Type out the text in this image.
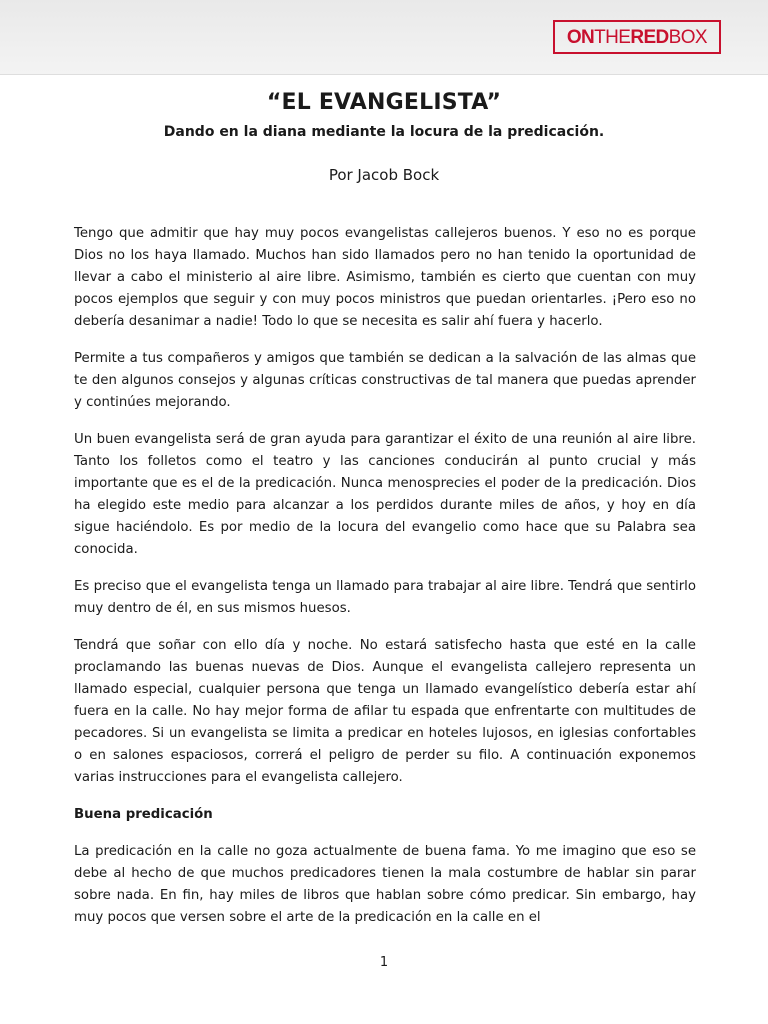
ON THE RED BOX
“EL EVANGELISTA”
Dando en la diana mediante la locura de la predicación.
Por Jacob Bock

Tengo que admitir que hay muy pocos evangelistas callejeros buenos. Y eso no es porque Dios no los haya llamado. Muchos han sido llamados pero no han tenido la oportunidad de llevar a cabo el ministerio al aire libre. Asimismo, también es cierto que cuentan con muy pocos ejemplos que seguir y con muy pocos ministros que puedan orientarles. ¡Pero eso no debería desanimar a nadie! Todo lo que se necesita es salir ahí fuera y hacerlo.

Permite a tus compañeros y amigos que también se dedican a la salvación de las almas que te den algunos consejos y algunas críticas constructivas de tal manera que puedas aprender y continúes mejorando.

Un buen evangelista será de gran ayuda para garantizar el éxito de una reunión al aire libre. Tanto los folletos como el teatro y las canciones conducirán al punto crucial y más importante que es el de la predicación. Nunca menosprecies el poder de la predicación. Dios ha elegido este medio para alcanzar a los perdidos durante miles de años, y hoy en día sigue haciéndolo. Es por medio de la locura del evangelio como hace que su Palabra sea conocida.

Es preciso que el evangelista tenga un llamado para trabajar al aire libre. Tendrá que sentirlo muy dentro de él, en sus mismos huesos.

Tendrá que soñar con ello día y noche. No estará satisfecho hasta que esté en la calle proclamando las buenas nuevas de Dios. Aunque el evangelista callejero representa un llamado especial, cualquier persona que tenga un llamado evangelístico debería estar ahí fuera en la calle. No hay mejor forma de afilar tu espada que enfrentarte con multitudes de pecadores. Si un evangelista se limita a predicar en hoteles lujosos, en iglesias confortables o en salones espaciosos, correrá el peligro de perder su filo. A continuación exponemos varias instrucciones para el evangelista callejero.

Buena predicación

La predicación en la calle no goza actualmente de buena fama. Yo me imagino que eso se debe al hecho de que muchos predicadores tienen la mala costumbre de hablar sin parar sobre nada. En fin, hay miles de libros que hablan sobre cómo predicar. Sin embargo, hay muy pocos que versen sobre el arte de la predicación en la calle en el

1
